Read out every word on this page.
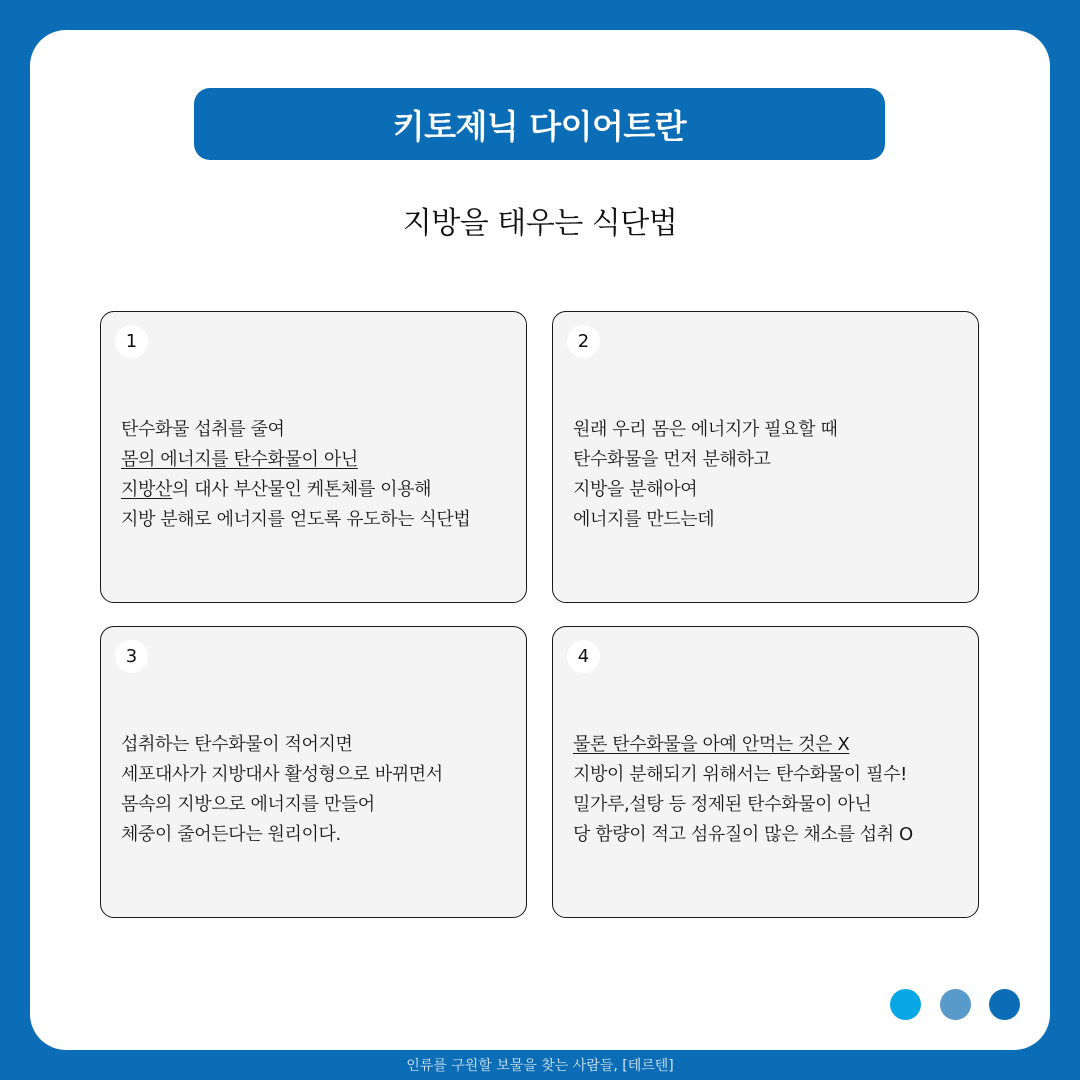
키토제닉 다이어트란
지방을 태우는 식단법
1
탄수화물 섭취를 줄여
몸의 에너지를 탄수화물이 아닌
지방산의 대사 부산물인 케톤체를 이용해
지방 분해로 에너지를 얻도록 유도하는 식단법
2
원래 우리 몸은 에너지가 필요할 때
탄수화물을 먼저 분해하고
지방을 분해아여
에너지를 만드는데
3
섭취하는 탄수화물이 적어지면
세포대사가 지방대사 활성형으로 바뀌면서
몸속의 지방으로 에너지를 만들어
체중이 줄어든다는 원리이다.
4
물론 탄수화물을 아예 안먹는 것은 X
지방이 분해되기 위해서는 탄수화물이 필수!
밀가루,설탕 등 정제된 탄수화물이 아닌
당 함량이 적고 섬유질이 많은 채소를 섭취 O
인류를 구원할 보물을 찾는 사람들, [테르텐]
